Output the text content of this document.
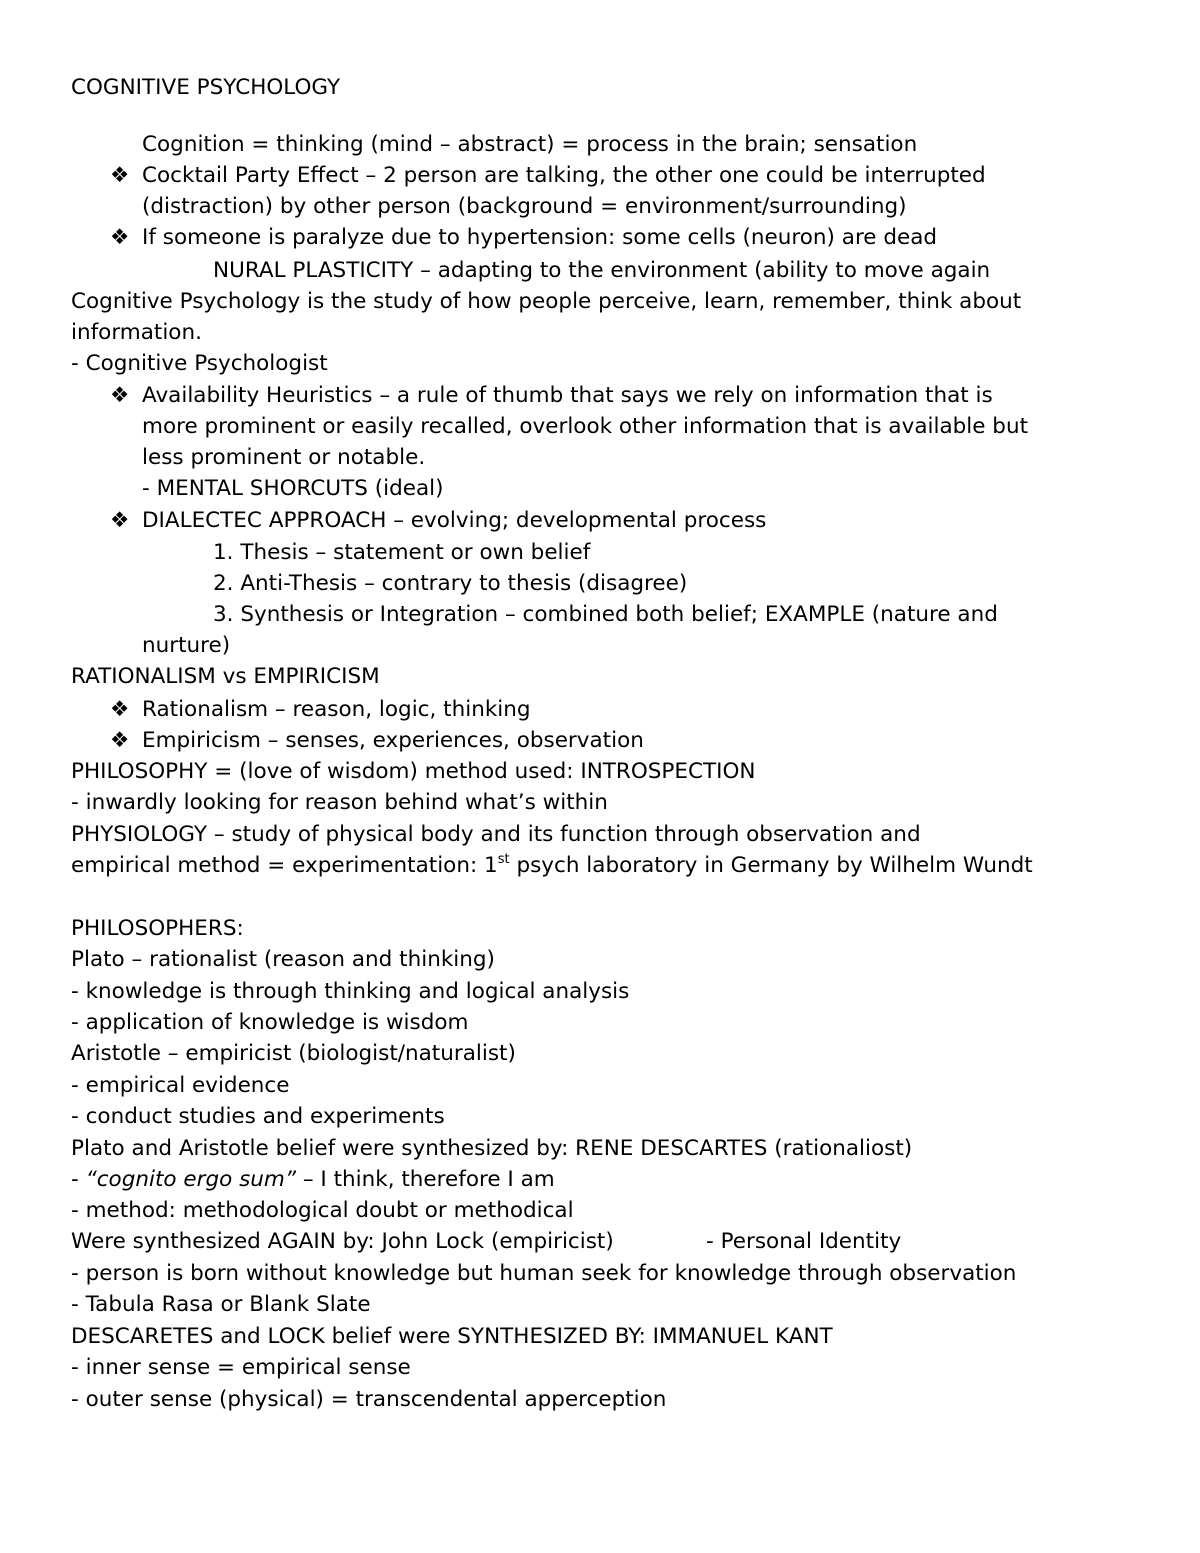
COGNITIVE PSYCHOLOGY
Cognition = thinking (mind – abstract) = process in the brain; sensation
❖ Cocktail Party Effect – 2 person are talking, the other one could be interrupted
(distraction) by other person (background = environment/surrounding)
❖ If someone is paralyze due to hypertension: some cells (neuron) are dead
NURAL PLASTICITY – adapting to the environment (ability to move again
Cognitive Psychology is the study of how people perceive, learn, remember, think about
information.
- Cognitive Psychologist
❖ Availability Heuristics – a rule of thumb that says we rely on information that is
more prominent or easily recalled, overlook other information that is available but
less prominent or notable.
- MENTAL SHORCUTS (ideal)
❖ DIALECTEC APPROACH – evolving; developmental process
1. Thesis – statement or own belief
2. Anti-Thesis – contrary to thesis (disagree)
3. Synthesis or Integration – combined both belief; EXAMPLE (nature and
nurture)
RATIONALISM vs EMPIRICISM
❖ Rationalism – reason, logic, thinking
❖ Empiricism – senses, experiences, observation
PHILOSOPHY = (love of wisdom) method used: INTROSPECTION
- inwardly looking for reason behind what’s within
PHYSIOLOGY – study of physical body and its function through observation and
empirical method = experimentation: 1st psych laboratory in Germany by Wilhelm Wundt
PHILOSOPHERS:
Plato – rationalist (reason and thinking)
- knowledge is through thinking and logical analysis
- application of knowledge is wisdom
Aristotle – empiricist (biologist/naturalist)
- empirical evidence
- conduct studies and experiments
Plato and Aristotle belief were synthesized by: RENE DESCARTES (rationaliost)
- “cognito ergo sum” – I think, therefore I am
- method: methodological doubt or methodical
Were synthesized AGAIN by: John Lock (empiricist)	- Personal Identity
- person is born without knowledge but human seek for knowledge through observation
- Tabula Rasa or Blank Slate
DESCARETES and LOCK belief were SYNTHESIZED BY: IMMANUEL KANT
- inner sense = empirical sense
- outer sense (physical) = transcendental apperception
